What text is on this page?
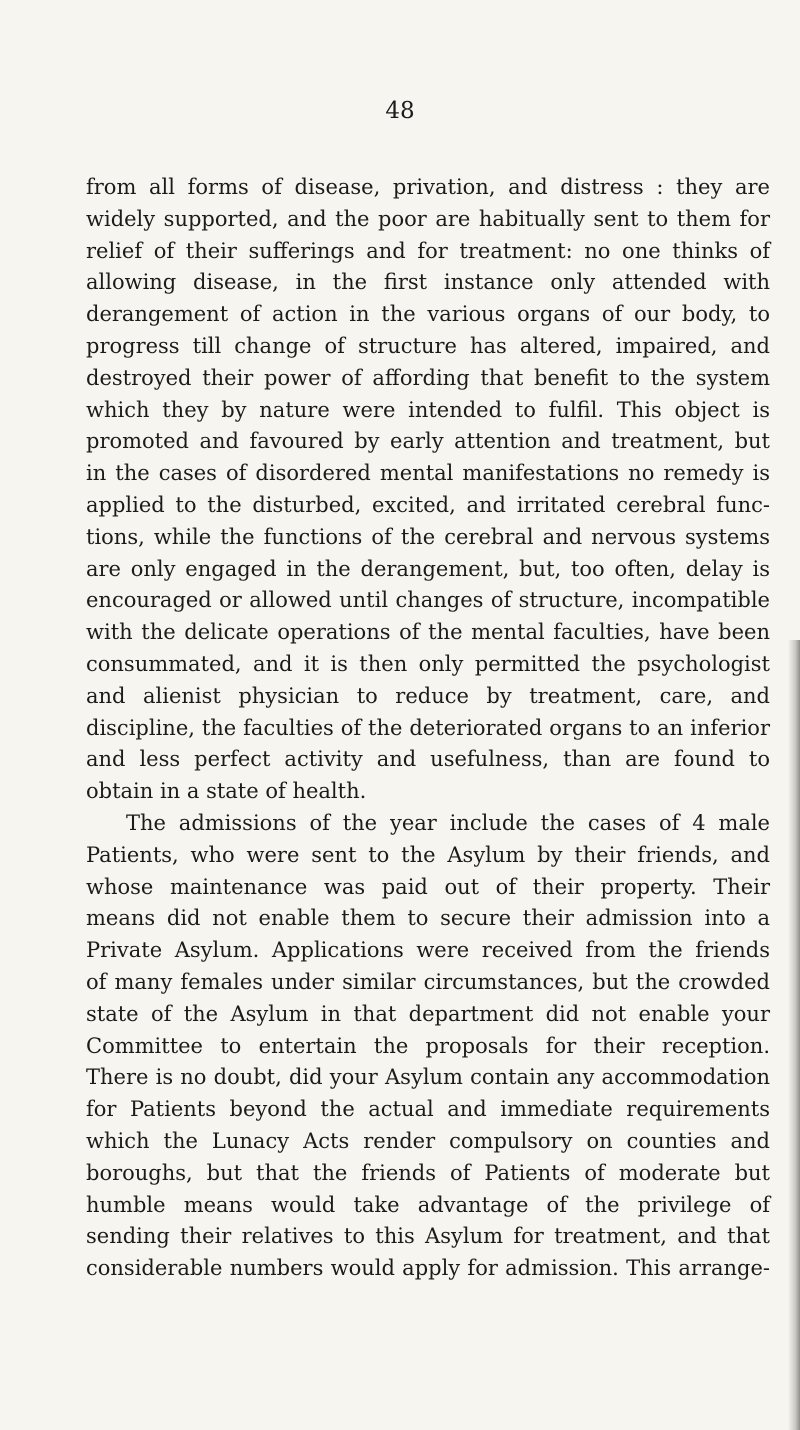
48
from all forms of disease, privation, and distress : they are
widely supported, and the poor are habitually sent to them for
relief of their sufferings and for treatment: no one thinks of
allowing disease, in the first instance only attended with
derangement of action in the various organs of our body, to
progress till change of structure has altered, impaired, and
destroyed their power of affording that benefit to the system
which they by nature were intended to fulfil. This object is
promoted and favoured by early attention and treatment, but
in the cases of disordered mental manifestations no remedy is
applied to the disturbed, excited, and irritated cerebral func-
tions, while the functions of the cerebral and nervous systems
are only engaged in the derangement, but, too often, delay is
encouraged or allowed until changes of structure, incompatible
with the delicate operations of the mental faculties, have been
consummated, and it is then only permitted the psychologist
and alienist physician to reduce by treatment, care, and
discipline, the faculties of the deteriorated organs to an inferior
and less perfect activity and usefulness, than are found to
obtain in a state of health.
The admissions of the year include the cases of 4 male
Patients, who were sent to the Asylum by their friends, and
whose maintenance was paid out of their property. Their
means did not enable them to secure their admission into a
Private Asylum. Applications were received from the friends
of many females under similar circumstances, but the crowded
state of the Asylum in that department did not enable your
Committee to entertain the proposals for their reception.
There is no doubt, did your Asylum contain any accommodation
for Patients beyond the actual and immediate requirements
which the Lunacy Acts render compulsory on counties and
boroughs, but that the friends of Patients of moderate but
humble means would take advantage of the privilege of
sending their relatives to this Asylum for treatment, and that
considerable numbers would apply for admission. This arrange-
